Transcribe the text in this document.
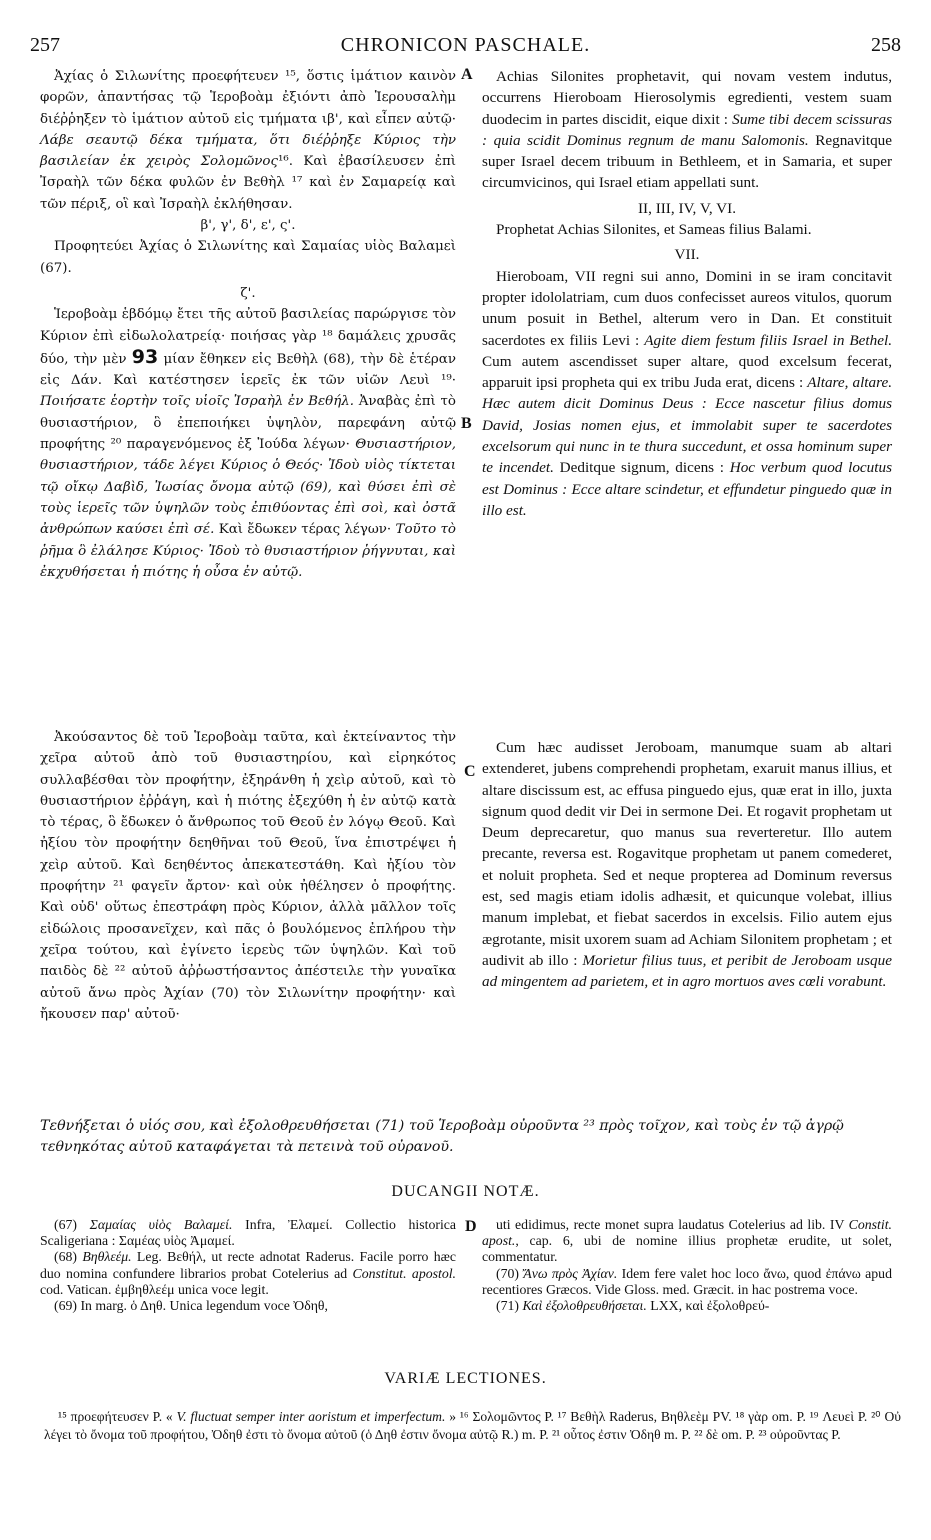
257	CHRONICON PASCHALE.	258
A
B
C
D

Ἀχίας ὁ Σιλωνίτης προεφήτευεν ¹⁵, ὅστις ἱμάτιον καινὸν φορῶν, ἀπαντήσας τῷ Ἱεροβοὰμ ἐξιόντι ἀπὸ Ἱερουσαλὴμ διέῤῥηξεν τὸ ἱμάτιον αὐτοῦ εἰς τμήματα ιβ', καὶ εἶπεν αὐτῷ· Λάβε σεαυτῷ δέκα τμήματα, ὅτι διέῤῥηξε Κύριος τὴν βασιλείαν ἐκ χειρὸς Σολομῶνος¹⁶. Καὶ ἐβασίλευσεν ἐπὶ Ἰσραὴλ τῶν δέκα φυλῶν ἐν Βεθὴλ ¹⁷ καὶ ἐν Σαμαρείᾳ καὶ τῶν πέριξ, οἳ καὶ Ἰσραὴλ ἐκλήθησαν.

β', γ', δ', ε', ς'.

Προφητεύει Ἀχίας ὁ Σιλωνίτης καὶ Σαμαίας υἱὸς Βαλαμεὶ (67).

ζ'.

Ἱεροβοὰμ ἑβδόμῳ ἔτει τῆς αὐτοῦ βασιλείας παρώργισε τὸν Κύριον ἐπὶ εἰδωλολατρείᾳ· ποιήσας γὰρ ¹⁸ δαμάλεις χρυσᾶς δύο, τὴν μὲν 93 μίαν ἔθηκεν εἰς Βεθὴλ (68), τὴν δὲ ἑτέραν εἰς Δάν. Καὶ κατέστησεν ἱερεῖς ἐκ τῶν υἱῶν Λευὶ ¹⁹· Ποιήσατε ἑορτὴν τοῖς υἱοῖς Ἰσραὴλ ἐν Βεθήλ. Ἀναβὰς ἐπὶ τὸ θυσιαστήριον, ὃ ἐπεποιήκει ὑψηλὸν, παρεφάνη αὐτῷ προφήτης ²⁰ παραγενόμενος ἐξ Ἰούδα λέγων· Θυσιαστήριον, θυσιαστήριον, τάδε λέγει Κύριος ὁ Θεός· Ἰδοὺ υἱὸς τίκτεται τῷ οἴκῳ Δαβὶδ, Ἰωσίας ὄνομα αὐτῷ (69), καὶ θύσει ἐπὶ σὲ τοὺς ἱερεῖς τῶν ὑψηλῶν τοὺς ἐπιθύοντας ἐπὶ σοὶ, καὶ ὀστᾶ ἀνθρώπων καύσει ἐπὶ σέ. Καὶ ἔδωκεν τέρας λέγων· Τοῦτο τὸ ῥῆμα ὃ ἐλάλησε Κύριος· Ἰδοὺ τὸ θυσιαστήριον ῥήγνυται, καὶ ἐκχυθήσεται ἡ πιότης ἡ οὖσα ἐν αὐτῷ.

Achias Silonites prophetavit, qui novam vestem indutus, occurrens Hieroboam Hierosolymis egredienti, vestem suam duodecim in partes discidit, eique dixit : Sume tibi decem scissuras : quia scidit Dominus regnum de manu Salomonis. Regnavitque super Israel decem tribuum in Bethleem, et in Samaria, et super circumvicinos, qui Israel etiam appellati sunt.

II, III, IV, V, VI.

Prophetat Achias Silonites, et Sameas filius Balami.

VII.

Hieroboam, VII regni sui anno, Domini in se iram concitavit propter idololatriam, cum duos confecisset aureos vitulos, quorum unum posuit in Bethel, alterum vero in Dan. Et constituit sacerdotes ex filiis Levi : Agite diem festum filiis Israel in Bethel. Cum autem ascendisset super altare, quod excelsum fecerat, apparuit ipsi propheta qui ex tribu Juda erat, dicens : Altare, altare. Hæc autem dicit Dominus Deus : Ecce nascetur filius domus David, Josias nomen ejus, et immolabit super te sacerdotes excelsorum qui nunc in te thura succedunt, et ossa hominum super te incendet. Deditque signum, dicens : Hoc verbum quod locutus est Dominus : Ecce altare scindetur, et effundetur pinguedo quæ in illo est.

Ἀκούσαντος δὲ τοῦ Ἱεροβοὰμ ταῦτα, καὶ ἐκτείναντος τὴν χεῖρα αὐτοῦ ἀπὸ τοῦ θυσιαστηρίου, καὶ εἰρηκότος συλλαβέσθαι τὸν προφήτην, ἐξηράνθη ἡ χεὶρ αὐτοῦ, καὶ τὸ θυσιαστήριον ἐῤῥάγη, καὶ ἡ πιότης ἐξεχύθη ἡ ἐν αὐτῷ κατὰ τὸ τέρας, ὃ ἔδωκεν ὁ ἄνθρωπος τοῦ Θεοῦ ἐν λόγῳ Θεοῦ. Καὶ ἠξίου τὸν προφήτην δεηθῆναι τοῦ Θεοῦ, ἵνα ἐπιστρέψει ἡ χεὶρ αὐτοῦ. Καὶ δεηθέντος ἀπεκατεστάθη. Καὶ ἠξίου τὸν προφήτην ²¹ φαγεῖν ἄρτον· καὶ οὐκ ἠθέλησεν ὁ προφήτης. Καὶ οὐδ' οὕτως ἐπεστράφη πρὸς Κύριον, ἀλλὰ μᾶλλον τοῖς εἰδώλοις προσανεῖχεν, καὶ πᾶς ὁ βουλόμενος ἐπλήρου τὴν χεῖρα τούτου, καὶ ἐγίνετο ἱερεὺς τῶν ὑψηλῶν. Καὶ τοῦ παιδὸς δὲ ²² αὐτοῦ ἀῤῥωστήσαντος ἀπέστειλε τὴν γυναῖκα αὐτοῦ ἄνω πρὸς Ἀχίαν (70) τὸν Σιλωνίτην προφήτην· καὶ ἤκουσεν παρ' αὐτοῦ·

Cum hæc audisset Jeroboam, manumque suam ab altari extenderet, jubens comprehendi prophetam, exaruit manus illius, et altare discissum est, ac effusa pinguedo ejus, quæ erat in illo, juxta signum quod dedit vir Dei in sermone Dei. Et rogavit prophetam ut Deum deprecaretur, quo manus sua reverteretur. Illo autem precante, reversa est. Rogavitque prophetam ut panem comederet, et noluit propheta. Sed et neque propterea ad Dominum reversus est, sed magis etiam idolis adhæsit, et quicunque volebat, illius manum implebat, et fiebat sacerdos in excelsis. Filio autem ejus ægrotante, misit uxorem suam ad Achiam Silonitem prophetam ; et audivit ab illo : Morietur filius tuus, et peribit de Jeroboam usque ad mingentem ad parietem, et in agro mortuos aves cœli vorabunt.

Τεθνήξεται ὁ υἱός σου, καὶ ἐξολοθρευθήσεται (71) τοῦ Ἱεροβοὰμ οὐροῦντα ²³ πρὸς τοῖχον, καὶ τοὺς ἐν τῷ ἀγρῷ τεθνηκότας αὐτοῦ καταφάγεται τὰ πετεινὰ τοῦ οὐρανοῦ.
DUCANGII NOTÆ.

(67) Σαμαίας υἱὸς Βαλαμεί. Infra, Ἐλαμεί. Collectio historica Scaligeriana : Σαμέας υἱὸς Ἀμαμεί.

(68) Βηθλεέμ. Leg. Βεθήλ, ut recte adnotat Raderus. Facile porro hæc duo nomina confundere librarios probat Cotelerius ad Constitut. apostol. cod. Vatican. ἐμβηθλεέμ unica voce legit.

(69) In marg. ὁ Δηθ. Unica legendum voce Ὀδηθ,

uti edidimus, recte monet supra laudatus Cotelerius ad lib. IV Constit. apost., cap. 6, ubi de nomine illius prophetæ erudite, ut solet, commentatur.

(70) Ἄνω πρὸς Ἀχίαν. Idem fere valet hoc loco ἄνω, quod ἐπάνω apud recentiores Græcos. Vide Gloss. med. Græcit. in hac postrema voce.

(71) Καὶ ἐξολοθρευθήσεται. LXX, καὶ ἐξολοθρεύ-

VARIÆ LECTIONES.
¹⁵ προεφήτευσεν P. « V. fluctuat semper inter aoristum et imperfectum. » ¹⁶ Σολομῶντος P. ¹⁷ Βεθὴλ Raderus, Βηθλεὲμ PV. ¹⁸ γὰρ om. P. ¹⁹ Λευεὶ P. ²⁰ Οὐ λέγει τὸ ὄνομα τοῦ προφήτου, Ὀδηθ ἐστι τὸ ὄνομα αὐτοῦ (ὁ Δηθ ἐστιν ὄνομα αὐτῷ R.) m. P. ²¹ οὗτος ἐστιν Ὀδηθ m. P. ²² δὲ om. P. ²³ οὐροῦντας P.
